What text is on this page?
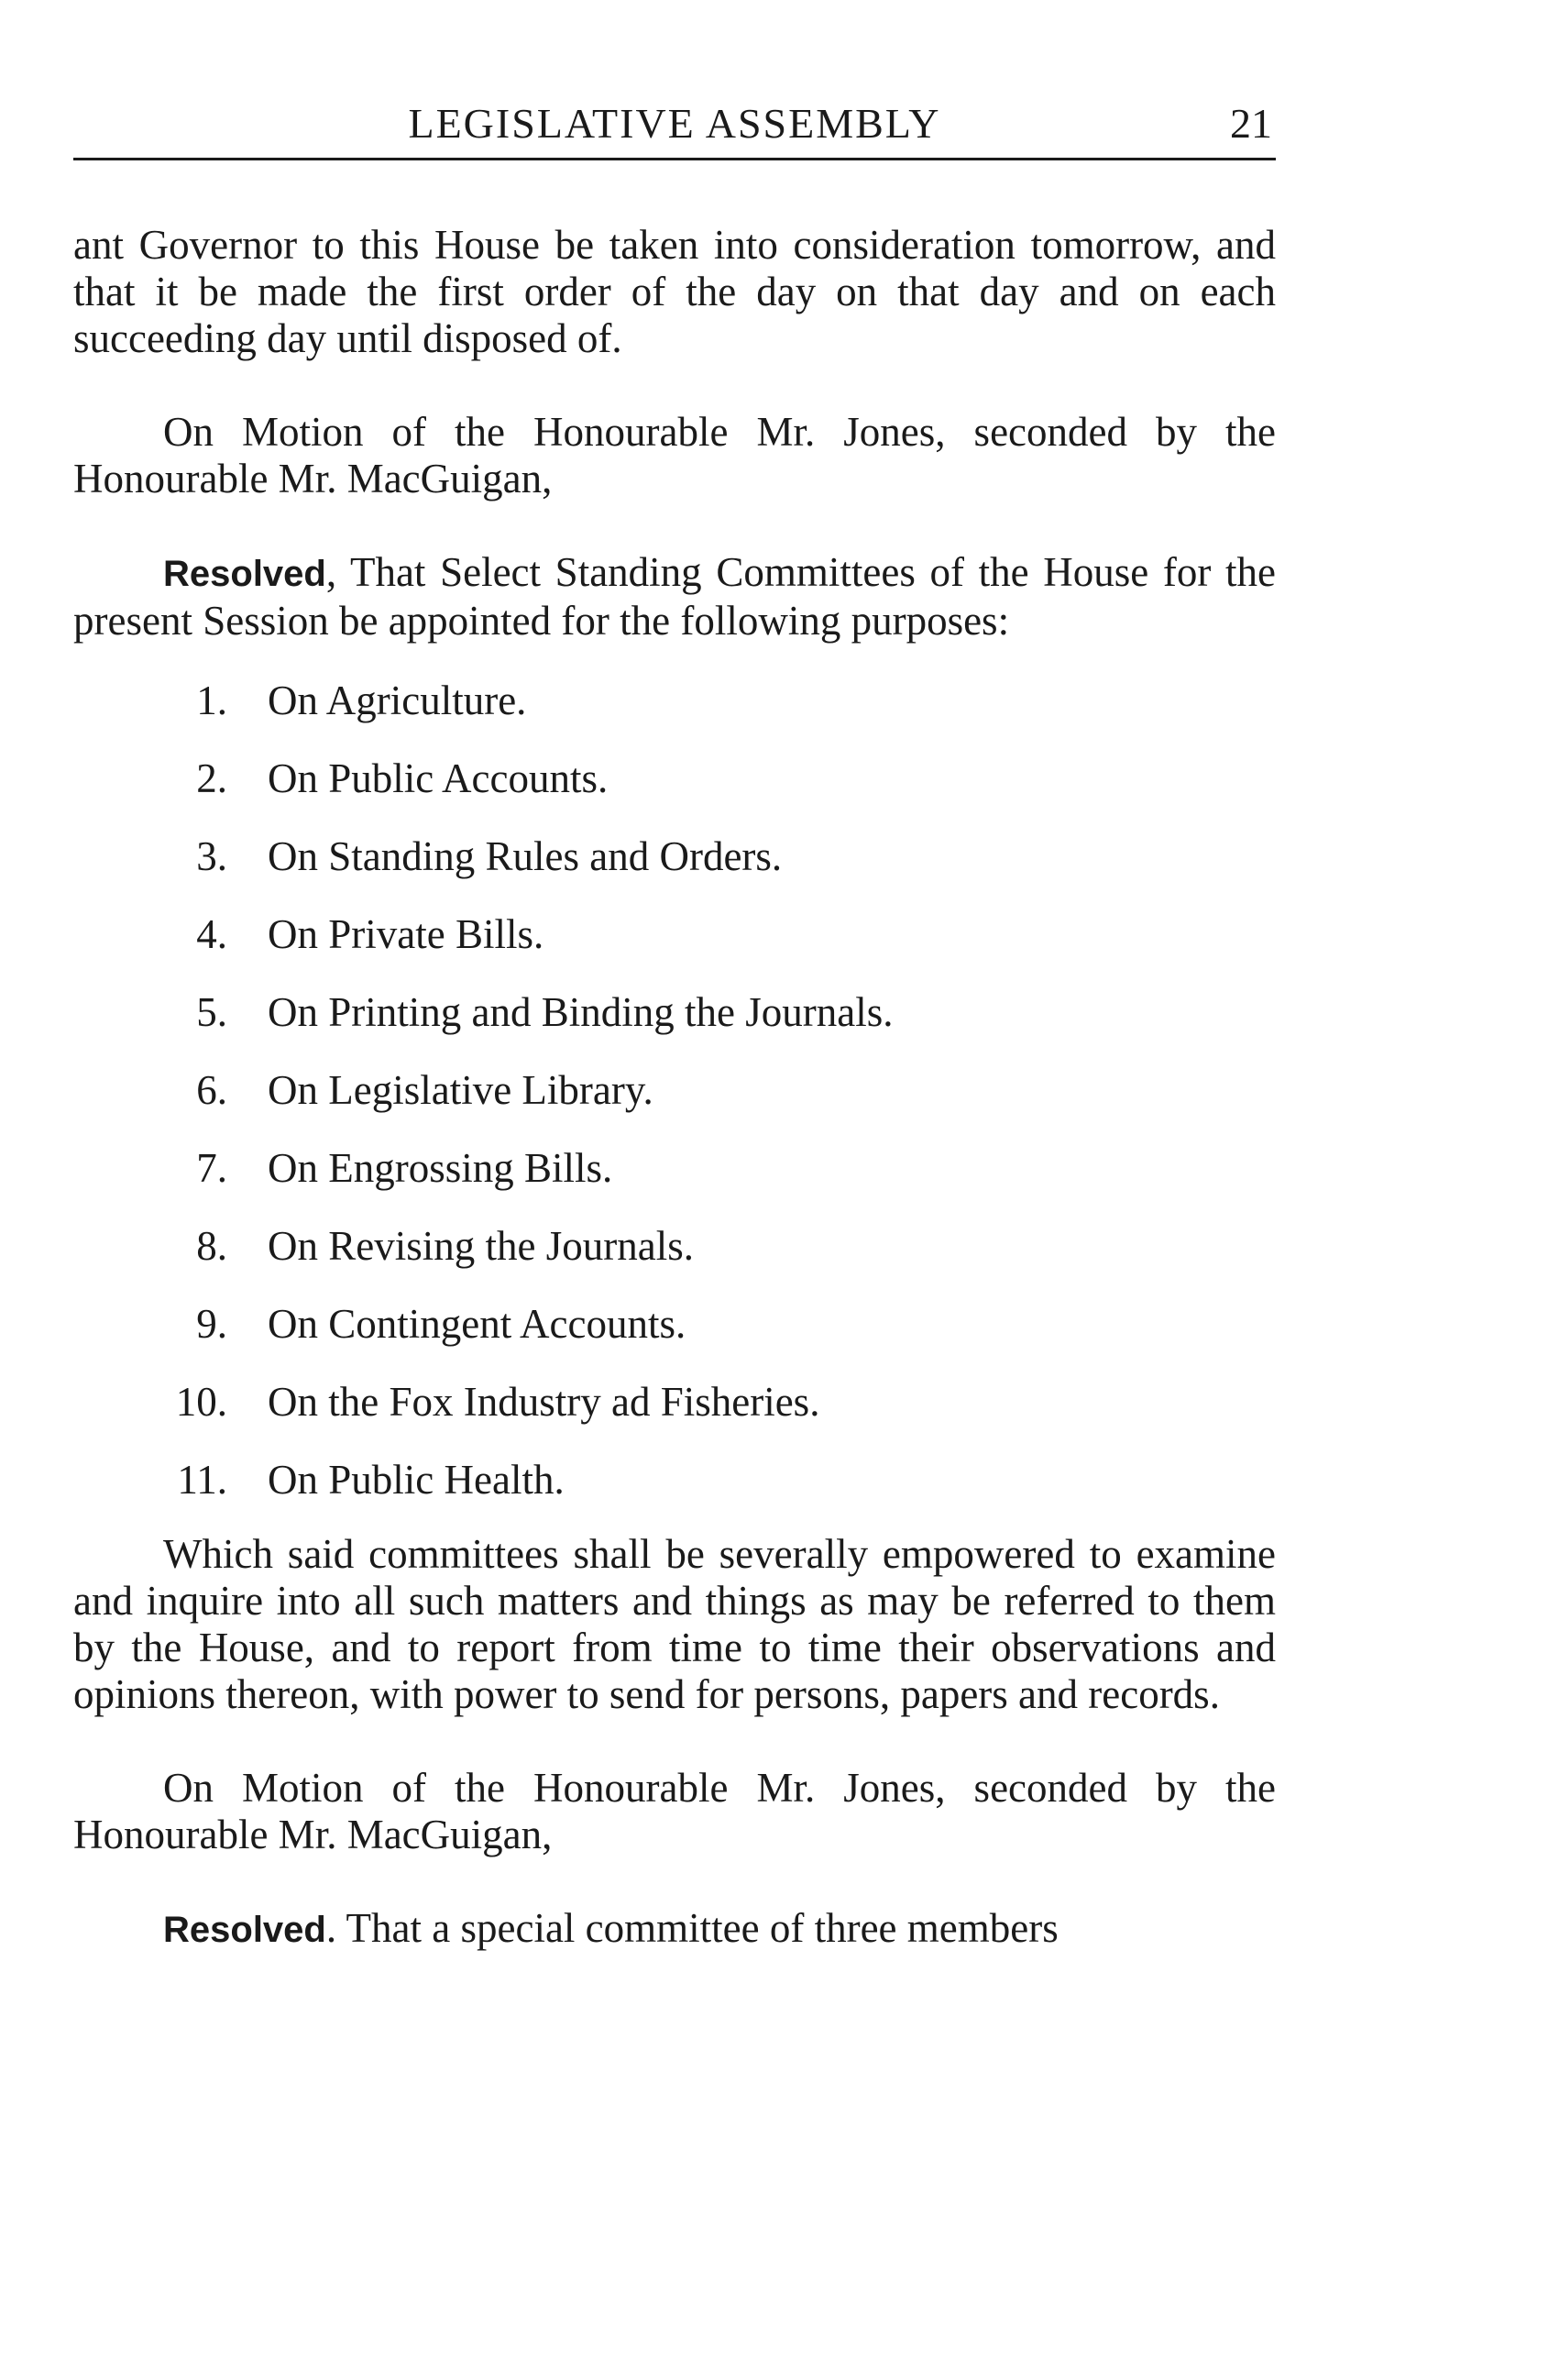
LEGISLATIVE ASSEMBLY	21

ant Governor to this House be taken into consideration tomorrow, and that it be made the first order of the day on that day and on each succeeding day until disposed of.

On Motion of the Honourable Mr. Jones, seconded by the Honourable Mr. MacGuigan,

Resolved, That Select Standing Committees of the House for the present Session be appointed for the following purposes:

1. On Agriculture.
2. On Public Accounts.
3. On Standing Rules and Orders.
4. On Private Bills.
5. On Printing and Binding the Journals.
6. On Legislative Library.
7. On Engrossing Bills.
8. On Revising the Journals.
9. On Contingent Accounts.
10. On the Fox Industry ad Fisheries.
11. On Public Health.

Which said committees shall be severally empowered to examine and inquire into all such matters and things as may be referred to them by the House, and to report from time to time their observations and opinions thereon, with power to send for persons, papers and records.

On Motion of the Honourable Mr. Jones, seconded by the Honourable Mr. MacGuigan,

Resolved. That a special committee of three members
